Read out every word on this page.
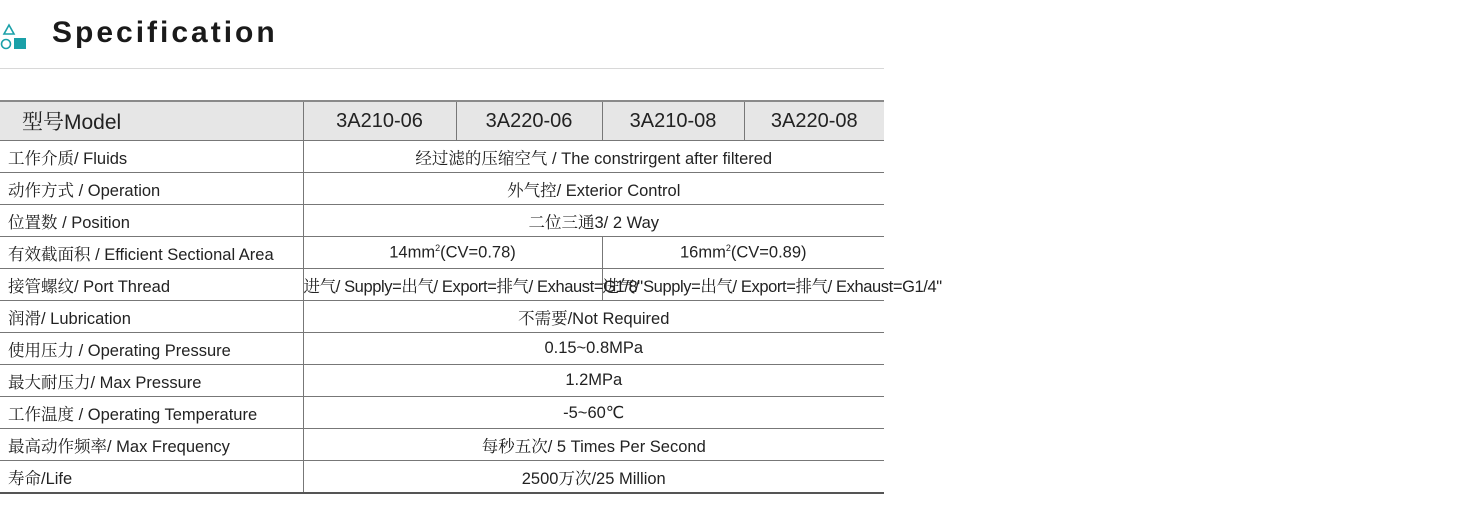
Specification
型号Model	3A210-06	3A220-06	3A210-08	3A220-08
工作介质/ Fluids	经过滤的压缩空气 / The constrirgent after filtered			
动作方式 / Operation	外气控/ Exterior Control			
位置数 / Position	二位三通3/ 2 Way			
有效截面积 / Efficient Sectional Area	$14mm^2(CV=0.78)$		$16mm^2(CV=0.89)$	
接管螺纹/ Port Thread	进气/ Supply=出气/ Export=排气/ Exhaust=G1/8"		进气/ Supply=出气/ Export=排气/ Exhaust=G1/4"	
润滑/ Lubrication	不需要/Not Required			
使用压力 / Operating Pressure	0.15~0.8MPa			
最大耐压力/ Max Pressure	1.2MPa			
工作温度 / Operating Temperature	-5~60℃			
最高动作频率/ Max Frequency	每秒五次/ 5 Times Per Second			
寿命/Life	2500万次/25 Million			
